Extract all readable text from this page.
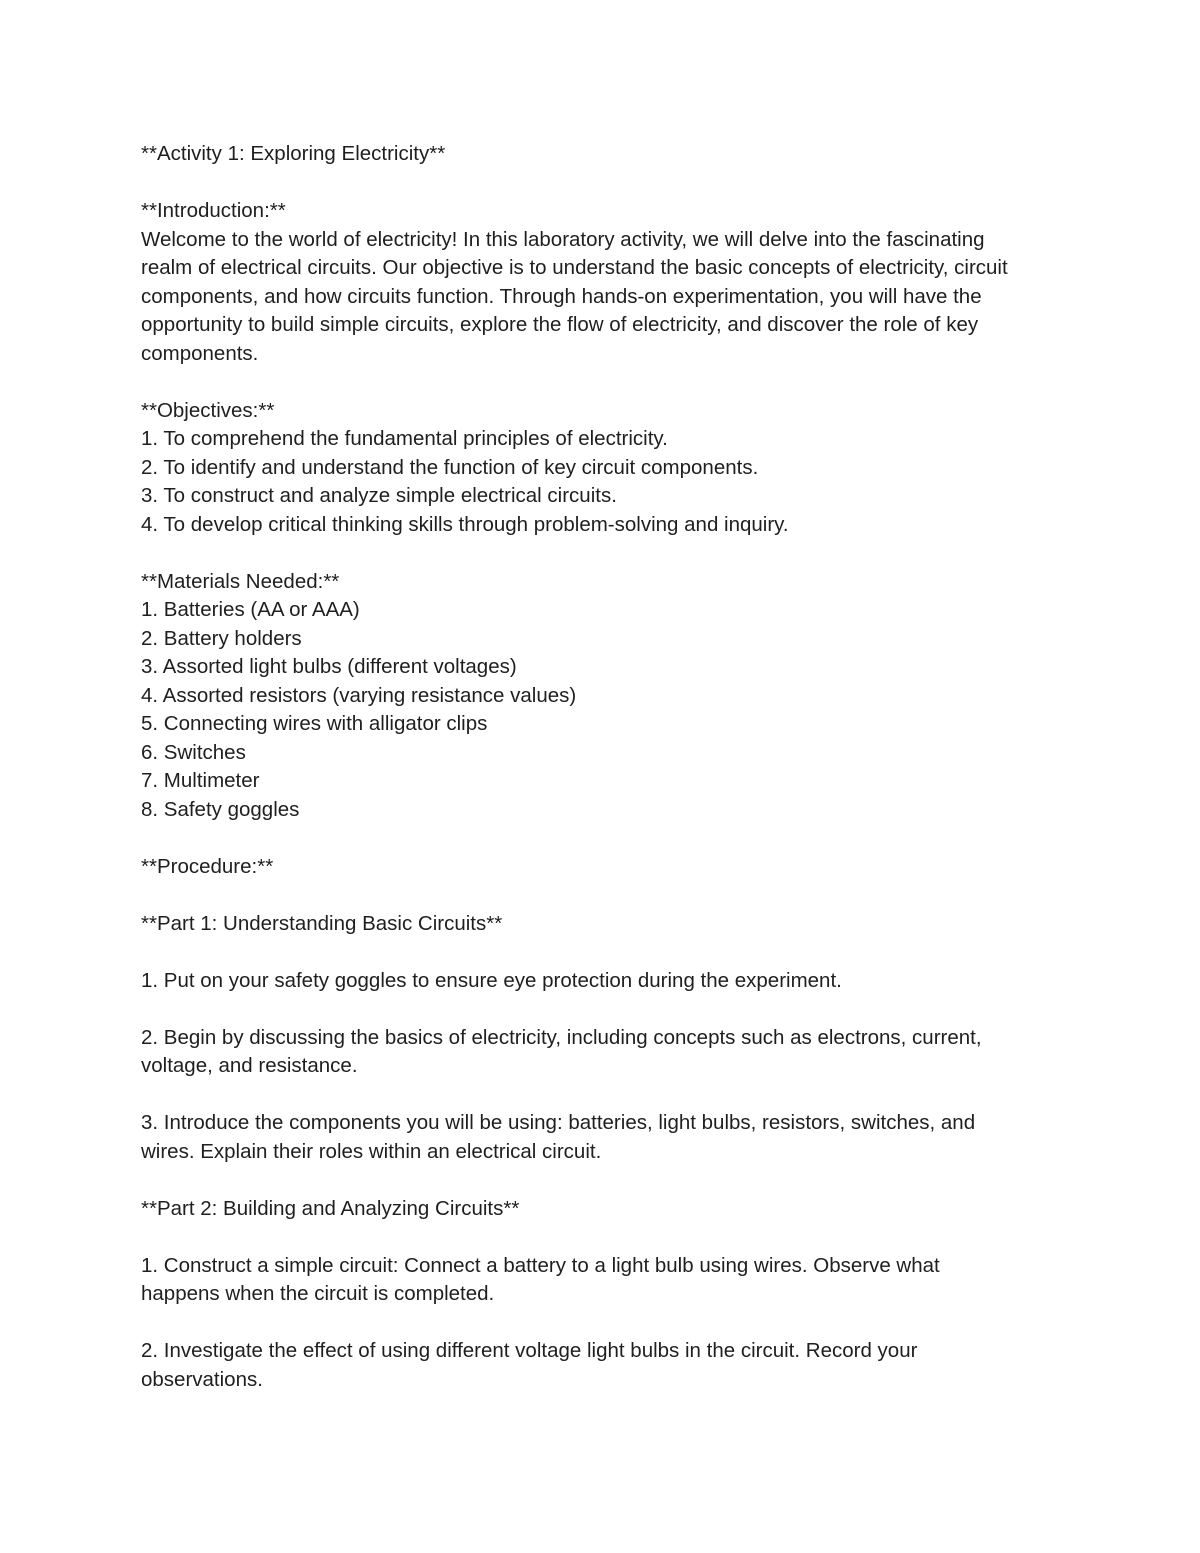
**Activity 1: Exploring Electricity**

**Introduction:**

Welcome to the world of electricity! In this laboratory activity, we will delve into the fascinating

realm of electrical circuits. Our objective is to understand the basic concepts of electricity, circuit

components, and how circuits function. Through hands-on experimentation, you will have the

opportunity to build simple circuits, explore the flow of electricity, and discover the role of key

components.

**Objectives:**

1. To comprehend the fundamental principles of electricity.

2. To identify and understand the function of key circuit components.

3. To construct and analyze simple electrical circuits.

4. To develop critical thinking skills through problem-solving and inquiry.

**Materials Needed:**

1. Batteries (AA or AAA)

2. Battery holders

3. Assorted light bulbs (different voltages)

4. Assorted resistors (varying resistance values)

5. Connecting wires with alligator clips

6. Switches

7. Multimeter

8. Safety goggles

**Procedure:**

**Part 1: Understanding Basic Circuits**

1. Put on your safety goggles to ensure eye protection during the experiment.

2. Begin by discussing the basics of electricity, including concepts such as electrons, current,

voltage, and resistance.

3. Introduce the components you will be using: batteries, light bulbs, resistors, switches, and

wires. Explain their roles within an electrical circuit.

**Part 2: Building and Analyzing Circuits**

1. Construct a simple circuit: Connect a battery to a light bulb using wires. Observe what

happens when the circuit is completed.

2. Investigate the effect of using different voltage light bulbs in the circuit. Record your

observations.
